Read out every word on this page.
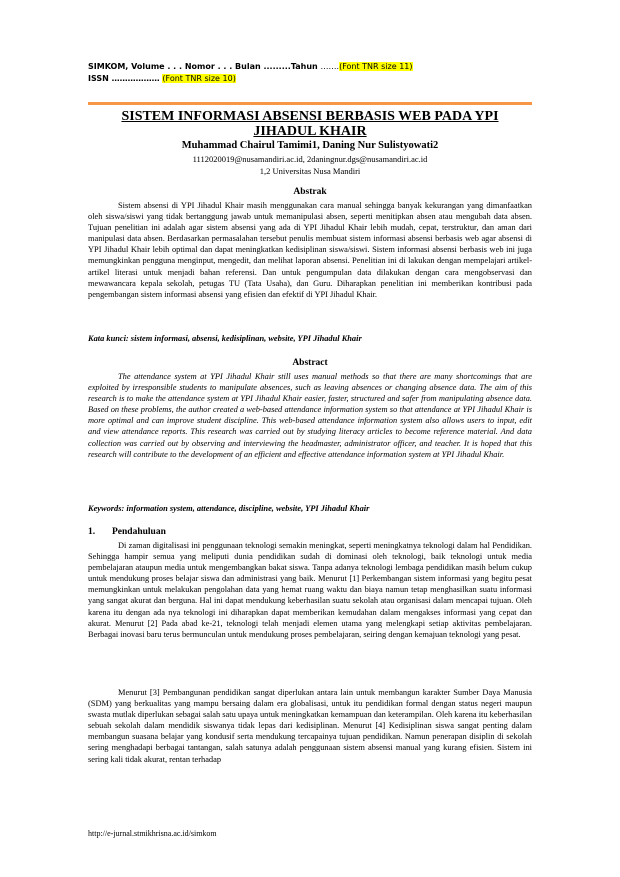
SIMKOM, Volume . . . Nomor . . . Bulan .........Tahun …….(Font TNR size 11)
ISSN ……………… (Font TNR size 10)
SISTEM INFORMASI ABSENSI BERBASIS WEB PADA YPI
JIHADUL KHAIR
Muhammad Chairul Tamimi1, Daning Nur Sulistyowati2
1112020019@nusamandiri.ac.id, 2daningnur.dgs@nusamandiri.ac.id
1,2 Universitas Nusa Mandiri
Abstrak
Sistem absensi di YPI Jihadul Khair masih menggunakan cara manual sehingga banyak kekurangan yang dimanfaatkan oleh siswa/siswi yang tidak bertanggung jawab untuk memanipulasi absen, seperti menitipkan absen atau mengubah data absen. Tujuan penelitian ini adalah agar sistem absensi yang ada di YPI Jihadul Khair lebih mudah, cepat, terstruktur, dan aman dari manipulasi data absen. Berdasarkan permasalahan tersebut penulis membuat sistem informasi absensi berbasis web agar absensi di YPI Jihadul Khair lebih optimal dan dapat meningkatkan kedisiplinan siswa/siswi. Sistem informasi absensi berbasis web ini juga memungkinkan pengguna menginput, mengedit, dan melihat laporan absensi. Penelitian ini di lakukan dengan mempelajari artikel-artikel literasi untuk menjadi bahan referensi. Dan untuk pengumpulan data dilakukan dengan cara mengobservasi dan mewawancara kepala sekolah, petugas TU (Tata Usaha), dan Guru. Diharapkan penelitian ini memberikan kontribusi pada pengembangan sistem informasi absensi yang efisien dan efektif di YPI Jihadul Khair.
Kata kunci: sistem informasi, absensi, kedisiplinan, website, YPI Jihadul Khair
Abstract
The attendance system at YPI Jihadul Khair still uses manual methods so that there are many shortcomings that are exploited by irresponsible students to manipulate absences, such as leaving absences or changing absence data. The aim of this research is to make the attendance system at YPI Jihadul Khair easier, faster, structured and safer from manipulating absence data. Based on these problems, the author created a web-based attendance information system so that attendance at YPI Jihadul Khair is more optimal and can improve student discipline. This web-based attendance information system also allows users to input, edit and view attendance reports. This research was carried out by studying literacy articles to become reference material. And data collection was carried out by observing and interviewing the headmaster, administrator officer, and teacher. It is hoped that this research will contribute to the development of an efficient and effective attendance information system at YPI Jihadul Khair.
Keywords: information system, attendance, discipline, website, YPI Jihadul Khair
1. Pendahuluan
Di zaman digitalisasi ini penggunaan teknologi semakin meningkat, seperti meningkatnya teknologi dalam hal Pendidikan. Sehingga hampir semua yang meliputi dunia pendidikan sudah di dominasi oleh teknologi, baik teknologi untuk media pembelajaran ataupun media untuk mengembangkan bakat siswa. Tanpa adanya teknologi lembaga pendidikan masih belum cukup untuk mendukung proses belajar siswa dan administrasi yang baik. Menurut [1] Perkembangan sistem informasi yang begitu pesat memungkinkan untuk melakukan pengolahan data yang hemat ruang waktu dan biaya namun tetap menghasilkan suatu informasi yang sangat akurat dan berguna. Hal ini dapat mendukung keberhasilan suatu sekolah atau organisasi dalam mencapai tujuan. Oleh karena itu dengan ada nya teknologi ini diharapkan dapat memberikan kemudahan dalam mengakses informasi yang cepat dan akurat. Menurut [2] Pada abad ke-21, teknologi telah menjadi elemen utama yang melengkapi setiap aktivitas pembelajaran. Berbagai inovasi baru terus bermunculan untuk mendukung proses pembelajaran, seiring dengan kemajuan teknologi yang pesat.
Menurut [3] Pembangunan pendidikan sangat diperlukan antara lain untuk membangun karakter Sumber Daya Manusia (SDM) yang berkualitas yang mampu bersaing dalam era globalisasi, untuk itu pendidikan formal dengan status negeri maupun swasta mutlak diperlukan sebagai salah satu upaya untuk meningkatkan kemampuan dan keterampilan. Oleh karena itu keberhasilan sebuah sekolah dalam mendidik siswanya tidak lepas dari kedisiplinan. Menurut [4] Kedisiplinan siswa sangat penting dalam membangun suasana belajar yang kondusif serta mendukung tercapainya tujuan pendidikan. Namun penerapan disiplin di sekolah sering menghadapi berbagai tantangan, salah satunya adalah penggunaan sistem absensi manual yang kurang efisien. Sistem ini sering kali tidak akurat, rentan terhadap
http://e-jurnal.stmikhrisna.ac.id/simkom
